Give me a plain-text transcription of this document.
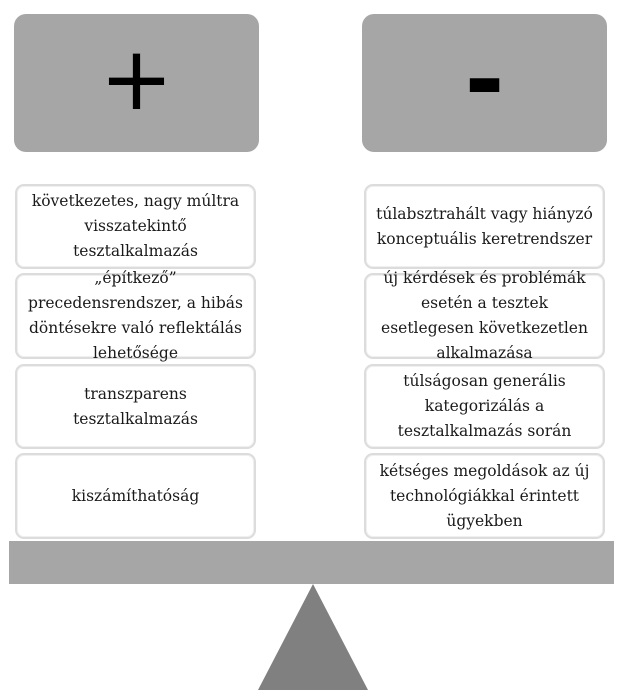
+	-
következetes, nagy múltra visszatekintő tesztalkalmazás
„építkező” precedensrendszer, a hibás döntésekre való reflektálás lehetősége
transzparens tesztalkalmazás
kiszámíthatóság
túlabsztrahált vagy hiányzó konceptuális keretrendszer
új kérdések és problémák esetén a tesztek esetlegesen következetlen alkalmazása
túlságosan generális kategorizálás a tesztalkalmazás során
kétséges megoldások az új technológiákkal érintett ügyekben
